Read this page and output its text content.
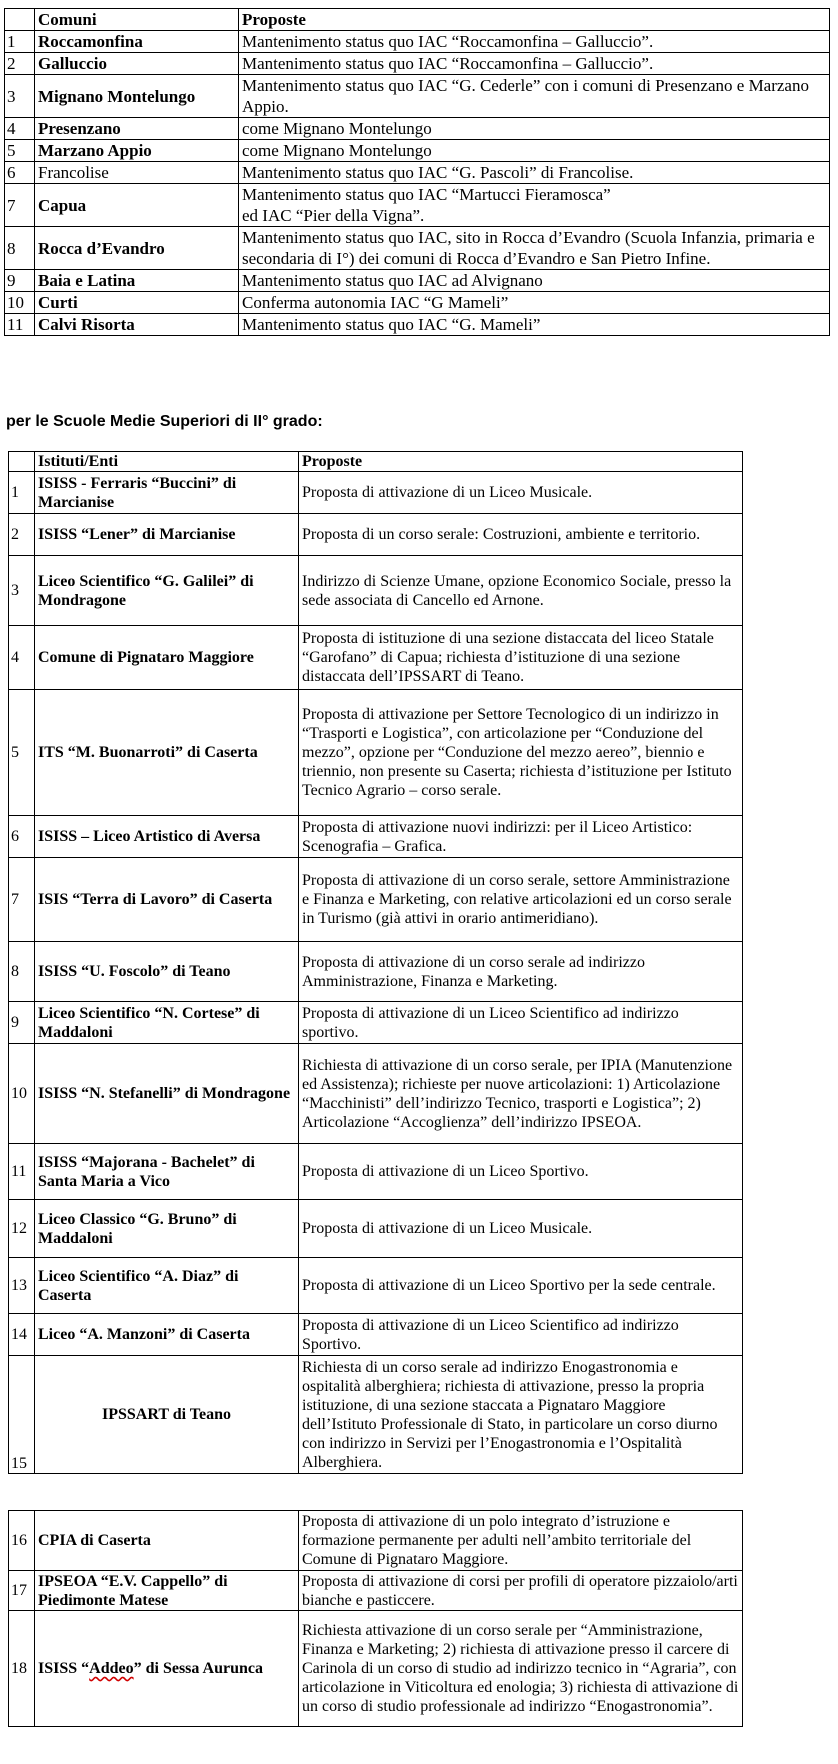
	Comuni	Proposte
1	Roccamonfina	Mantenimento status quo IAC “Roccamonfina – Galluccio”.
2	Galluccio	Mantenimento status quo IAC “Roccamonfina – Galluccio”.
3	Mignano Montelungo	Mantenimento status quo IAC “G. Cederle” con i comuni di Presenzano e Marzano Appio.
4	Presenzano	come Mignano Montelungo
5	Marzano Appio	come Mignano Montelungo
6	Francolise	Mantenimento status quo IAC “G. Pascoli” di Francolise.
7	Capua	Mantenimento status quo IAC “Martucci Fieramosca” ed IAC “Pier della Vigna”.
8	Rocca d’Evandro	Mantenimento status quo IAC, sito in Rocca d’Evandro (Scuola Infanzia, primaria e secondaria di I°) dei comuni di Rocca d’Evandro e San Pietro Infine.
9	Baia e Latina	Mantenimento status quo IAC ad Alvignano
10	Curti	Conferma autonomia IAC “G Mameli”
11	Calvi Risorta	Mantenimento status quo IAC “G. Mameli”
per le Scuole Medie Superiori di II° grado:
	Istituti/Enti	Proposte
1	ISISS - Ferraris “Buccini” di Marcianise	Proposta di attivazione di un Liceo Musicale.
2	ISISS “Lener” di Marcianise	Proposta di un corso serale: Costruzioni, ambiente e territorio.
3	Liceo Scientifico “G. Galilei” di Mondragone	Indirizzo di Scienze Umane, opzione Economico Sociale, presso la sede associata di Cancello ed Arnone.
4	Comune di Pignataro Maggiore	Proposta di istituzione di una sezione distaccata del liceo Statale “Garofano” di Capua; richiesta d’istituzione di una sezione distaccata dell’IPSSART di Teano.
5	ITS “M. Buonarroti” di Caserta	Proposta di attivazione per Settore Tecnologico di un indirizzo in “Trasporti e Logistica”, con articolazione per “Conduzione del mezzo”, opzione per “Conduzione del mezzo aereo”, biennio e triennio, non presente su Caserta; richiesta d’istituzione per Istituto Tecnico Agrario – corso serale.
6	ISISS – Liceo Artistico di Aversa	Proposta di attivazione nuovi indirizzi: per il Liceo Artistico: Scenografia – Grafica.
7	ISIS “Terra di Lavoro” di Caserta	Proposta di attivazione di un corso serale, settore Amministrazione e Finanza e Marketing, con relative articolazioni ed un corso serale in Turismo (già attivi in orario antimeridiano).
8	ISISS “U. Foscolo” di Teano	Proposta di attivazione di un corso serale ad indirizzo Amministrazione, Finanza e Marketing.
9	Liceo Scientifico “N. Cortese” di Maddaloni	Proposta di attivazione di un Liceo Scientifico ad indirizzo sportivo.
10	ISISS “N. Stefanelli” di Mondragone	Richiesta di attivazione di un corso serale, per IPIA (Manutenzione ed Assistenza); richieste per nuove articolazioni: 1) Articolazione “Macchinisti” dell’indirizzo Tecnico, trasporti e Logistica”; 2) Articolazione “Accoglienza” dell’indirizzo IPSEOA.
11	ISISS “Majorana - Bachelet” di Santa Maria a Vico	Proposta di attivazione di un Liceo Sportivo.
12	Liceo Classico “G. Bruno” di Maddaloni	Proposta di attivazione di un Liceo Musicale.
13	Liceo Scientifico “A. Diaz” di Caserta	Proposta di attivazione di un Liceo Sportivo per la sede centrale.
14	Liceo “A. Manzoni” di Caserta	Proposta di attivazione di un Liceo Scientifico ad indirizzo Sportivo.
15	IPSSART di Teano	Richiesta di un corso serale ad indirizzo Enogastronomia e ospitalità alberghiera; richiesta di attivazione, presso la propria istituzione, di una sezione staccata a Pignataro Maggiore dell’Istituto Professionale di Stato, in particolare un corso diurno con indirizzo in Servizi per l’Enogastronomia e l’Ospitalità Alberghiera.
16	CPIA di Caserta	Proposta di attivazione di un polo integrato d’istruzione e formazione permanente per adulti nell’ambito territoriale del Comune di Pignataro Maggiore.
17	IPSEOA “E.V. Cappello” di Piedimonte Matese	Proposta di attivazione di corsi per profili di operatore pizzaiolo/arti bianche e pasticcere.
18	ISISS “Addeo” di Sessa Aurunca	Richiesta attivazione di un corso serale per “Amministrazione, Finanza e Marketing; 2) richiesta di attivazione presso il carcere di Carinola di un corso di studio ad indirizzo tecnico in “Agraria”, con articolazione in Viticoltura ed enologia; 3) richiesta di attivazione di un corso di studio professionale ad indirizzo “Enogastronomia”.
